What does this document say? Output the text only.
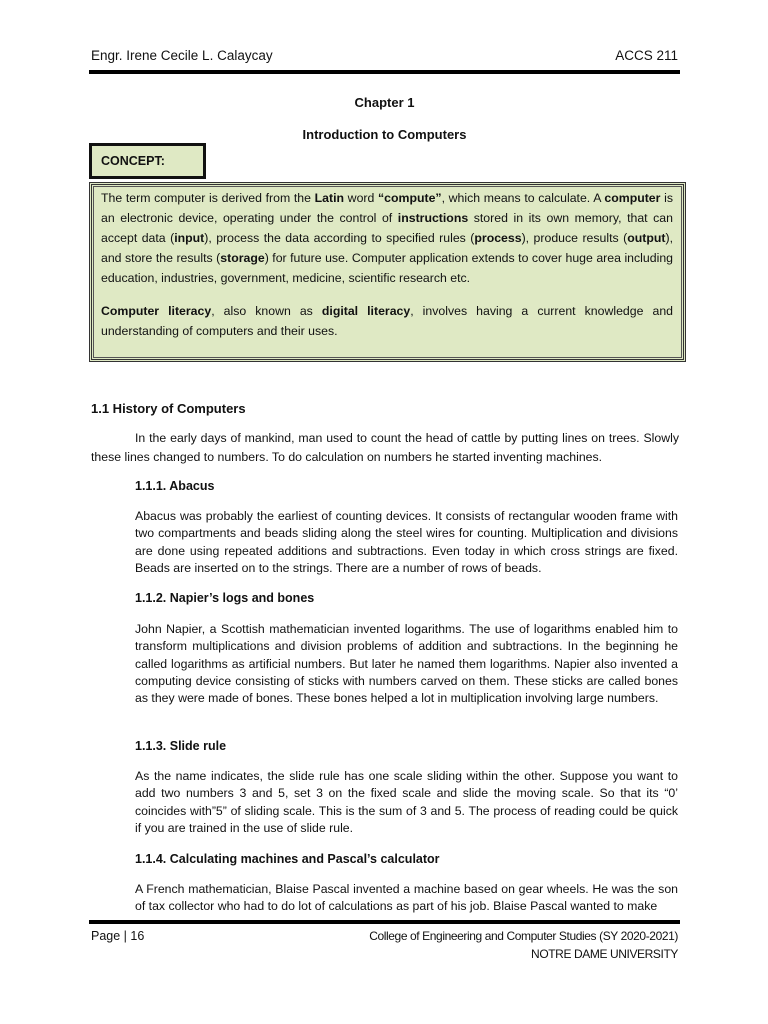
Engr. Irene Cecile L. Calaycay	ACCS 211
Chapter 1
Introduction to Computers
CONCEPT:
The term computer is derived from the Latin word “compute”, which means to calculate. A computer is an electronic device, operating under the control of instructions stored in its own memory, that can accept data (input), process the data according to specified rules (process), produce results (output), and store the results (storage) for future use. Computer application extends to cover huge area including education, industries, government, medicine, scientific research etc.
Computer literacy, also known as digital literacy, involves having a current knowledge and understanding of computers and their uses.
1.1 History of Computers
In the early days of mankind, man used to count the head of cattle by putting lines on trees. Slowly these lines changed to numbers. To do calculation on numbers he started inventing machines.
1.1.1. Abacus
Abacus was probably the earliest of counting devices. It consists of rectangular wooden frame with two compartments and beads sliding along the steel wires for counting. Multiplication and divisions are done using repeated additions and subtractions. Even today in which cross strings are fixed. Beads are inserted on to the strings. There are a number of rows of beads.
1.1.2. Napier’s logs and bones
John Napier, a Scottish mathematician invented logarithms. The use of logarithms enabled him to transform multiplications and division problems of addition and subtractions. In the beginning he called logarithms as artificial numbers. But later he named them logarithms. Napier also invented a computing device consisting of sticks with numbers carved on them. These sticks are called bones as they were made of bones. These bones helped a lot in multiplication involving large numbers.
1.1.3. Slide rule
As the name indicates, the slide rule has one scale sliding within the other. Suppose you want to add two numbers 3 and 5, set 3 on the fixed scale and slide the moving scale. So that its “0’ coincides with”5” of sliding scale. This is the sum of 3 and 5. The process of reading could be quick if you are trained in the use of slide rule.
1.1.4. Calculating machines and Pascal’s calculator
A French mathematician, Blaise Pascal invented a machine based on gear wheels. He was the son of tax collector who had to do lot of calculations as part of his job. Blaise Pascal wanted to make
Page | 16	College of Engineering and Computer Studies (SY 2020-2021)
NOTRE DAME UNIVERSITY
